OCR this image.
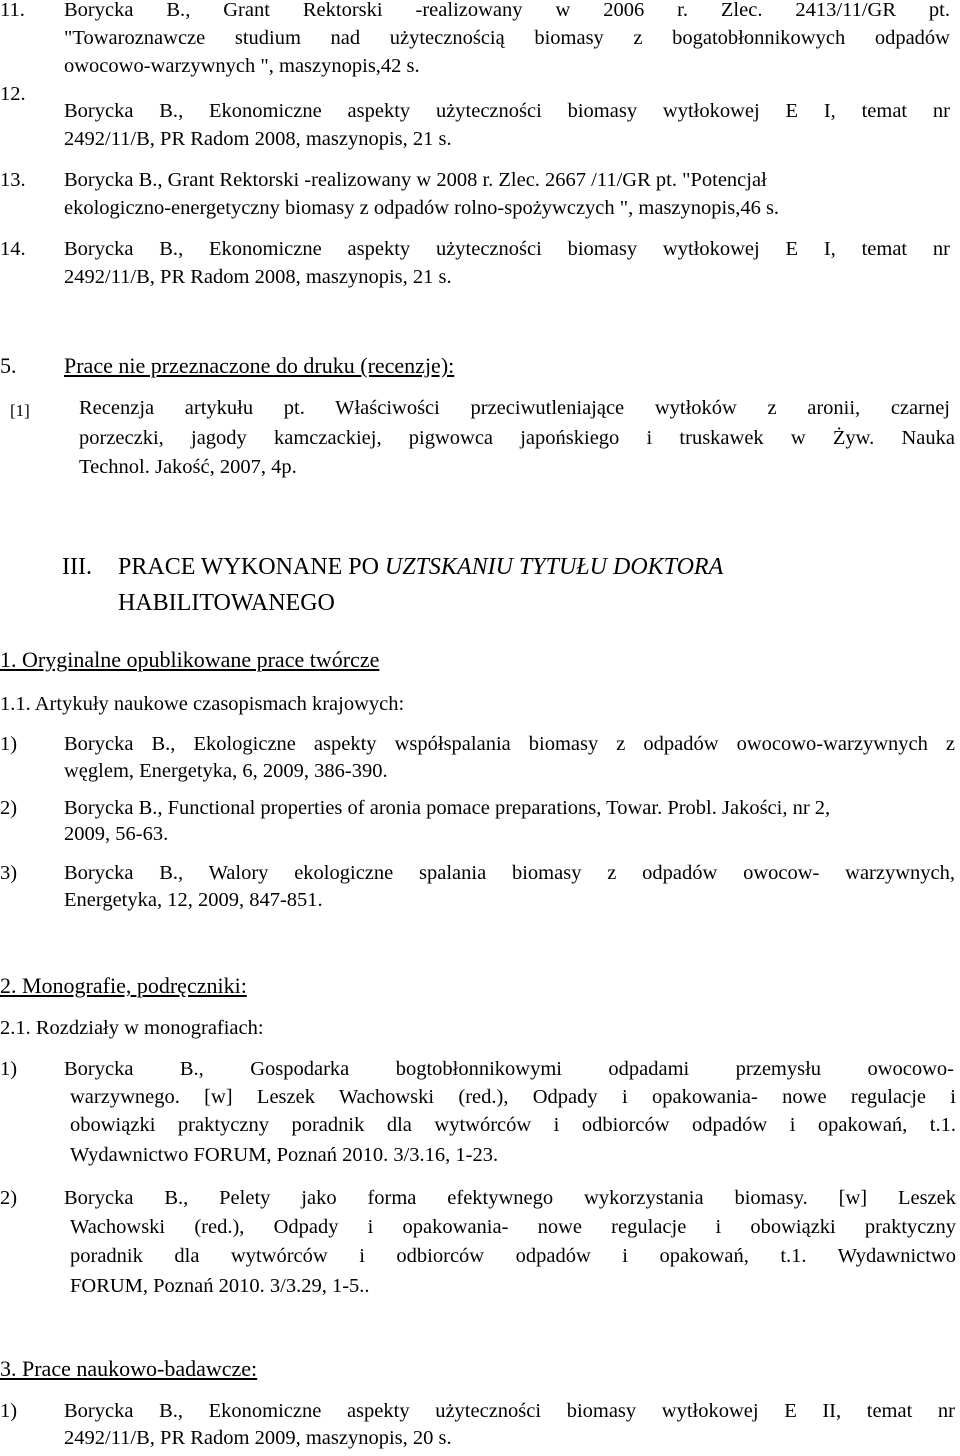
11. Borycka B., Grant Rektorski -realizowany w 2006 r. Zlec. 2413/11/GR pt.
"Towaroznawcze studium nad użytecznością biomasy z bogatobłonnikowych odpadów
owocowo-warzywnych ", maszynopis,42 s.
12.
Borycka B., Ekonomiczne aspekty użyteczności biomasy wytłokowej E I, temat nr
2492/11/B, PR Radom 2008, maszynopis, 21 s.
13. Borycka B., Grant Rektorski -realizowany w 2008 r. Zlec. 2667 /11/GR pt. "Potencjał
ekologiczno-energetyczny biomasy z odpadów rolno-spożywczych ", maszynopis,46 s.
14. Borycka B., Ekonomiczne aspekty użyteczności biomasy wytłokowej E I, temat nr
2492/11/B, PR Radom 2008, maszynopis, 21 s.
5. Prace nie przeznaczone do druku (recenzje):
[1] Recenzja artykułu pt. Właściwości przeciwutleniające wytłoków z aronii, czarnej
porzeczki, jagody kamczackiej, pigwowca japońskiego i truskawek w Żyw. Nauka
Technol. Jakość, 2007, 4p.
III. PRACE WYKONANE PO UZTSKANIU TYTUŁU DOKTORA
HABILITOWANEGO
1. Oryginalne opublikowane prace twórcze
1.1. Artykuły naukowe czasopismach krajowych:
1) Borycka B., Ekologiczne aspekty współspalania biomasy z odpadów owocowo-warzywnych z
węglem, Energetyka, 6, 2009, 386-390.
2) Borycka B., Functional properties of aronia pomace preparations, Towar. Probl. Jakości, nr 2,
2009, 56-63.
3) Borycka B., Walory ekologiczne spalania biomasy z odpadów owocow- warzywnych,
Energetyka, 12, 2009, 847-851.
2. Monografie, podręczniki:
2.1. Rozdziały w monografiach:
1) Borycka B., Gospodarka bogtobłonnikowymi odpadami przemysłu owocowo-
warzywnego. [w] Leszek Wachowski (red.), Odpady i opakowania- nowe regulacje i
obowiązki praktyczny poradnik dla wytwórców i odbiorców odpadów i opakowań, t.1.
Wydawnictwo FORUM, Poznań 2010. 3/3.16, 1-23.
2) Borycka B., Pelety jako forma efektywnego wykorzystania biomasy. [w] Leszek
Wachowski (red.), Odpady i opakowania- nowe regulacje i obowiązki praktyczny
poradnik dla wytwórców i odbiorców odpadów i opakowań, t.1. Wydawnictwo
FORUM, Poznań 2010. 3/3.29, 1-5..
3. Prace naukowo-badawcze:
1) Borycka B., Ekonomiczne aspekty użyteczności biomasy wytłokowej E II, temat nr
2492/11/B, PR Radom 2009, maszynopis, 20 s.
